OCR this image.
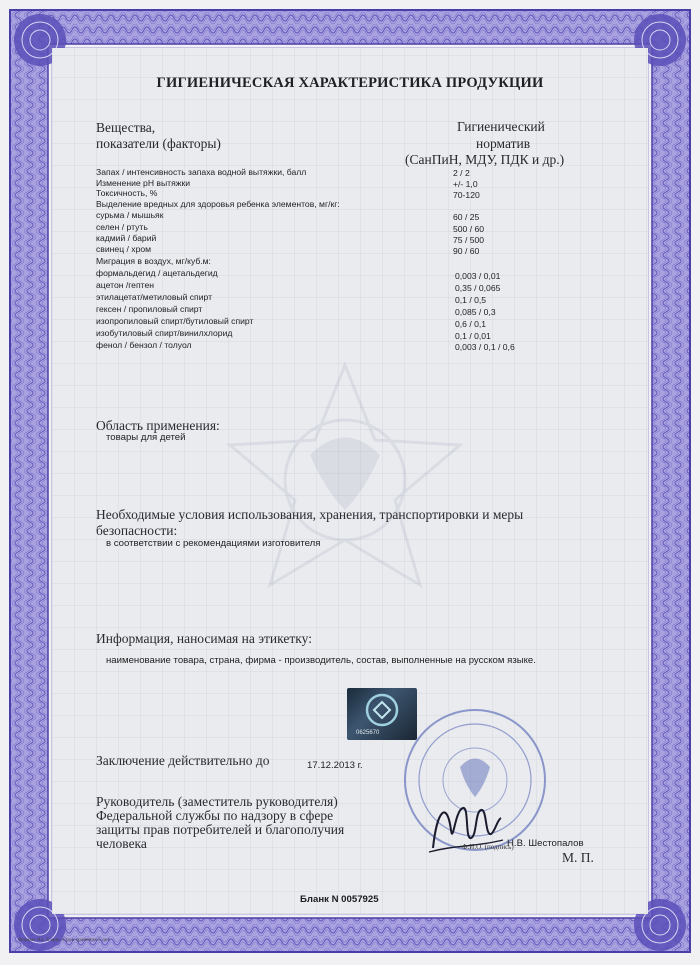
ГИГИЕНИЧЕСКАЯ ХАРАКТЕРИСТИКА ПРОДУКЦИИ
Вещества,
показатели (факторы)
Гигиенический
норматив
(СанПиН, МДУ, ПДК и др.)
Запах / интенсивность запаха водной вытяжки, балл	2 / 2
Изменение pH вытяжки	+/- 1,0
Токсичность, %	70-120
Выделение вредных для здоровья ребенка элементов, мг/кг:
сурьма / мышьяк	60 / 25
селен / ртуть	500 / 60
кадмий / барий	75 / 500
свинец / хром	90 / 60
Миграция в воздух, мг/куб.м:
формальдегид / ацетальдегид	0,003 / 0,01
ацетон /гептен	0,35 / 0,065
этилацетат/метиловый спирт	0,1 / 0,5
гексен / пропиловый спирт	0,085 / 0,3
изопропиловый спирт/бутиловый спирт	0,6 / 0,1
изобутиловый спирт/винилхлорид	0,1 / 0,01
фенол / бензол / толуол	0,003 / 0,1 / 0,6
Область применения:
товары для детей
Необходимые условия использования, хранения, транспортировки и меры
безопасности:
в соответствии с рекомендациями изготовителя
Информация, наносимая на этикетку:
наименование товара, страна, фирма - производитель, состав, выполненные на русском языке.
0625670
Заключение действительно до	17.12.2013 г.
Руководитель (заместитель руководителя)
Федеральной службы по надзору в сфере
защиты прав потребителей и благополучия
человека	Н.В. Шестопалов
Ф.И.О. (подпись)
М. П.
Бланк N 0057925
Формат А4. Бланк. Срок хранения 5 лет.
